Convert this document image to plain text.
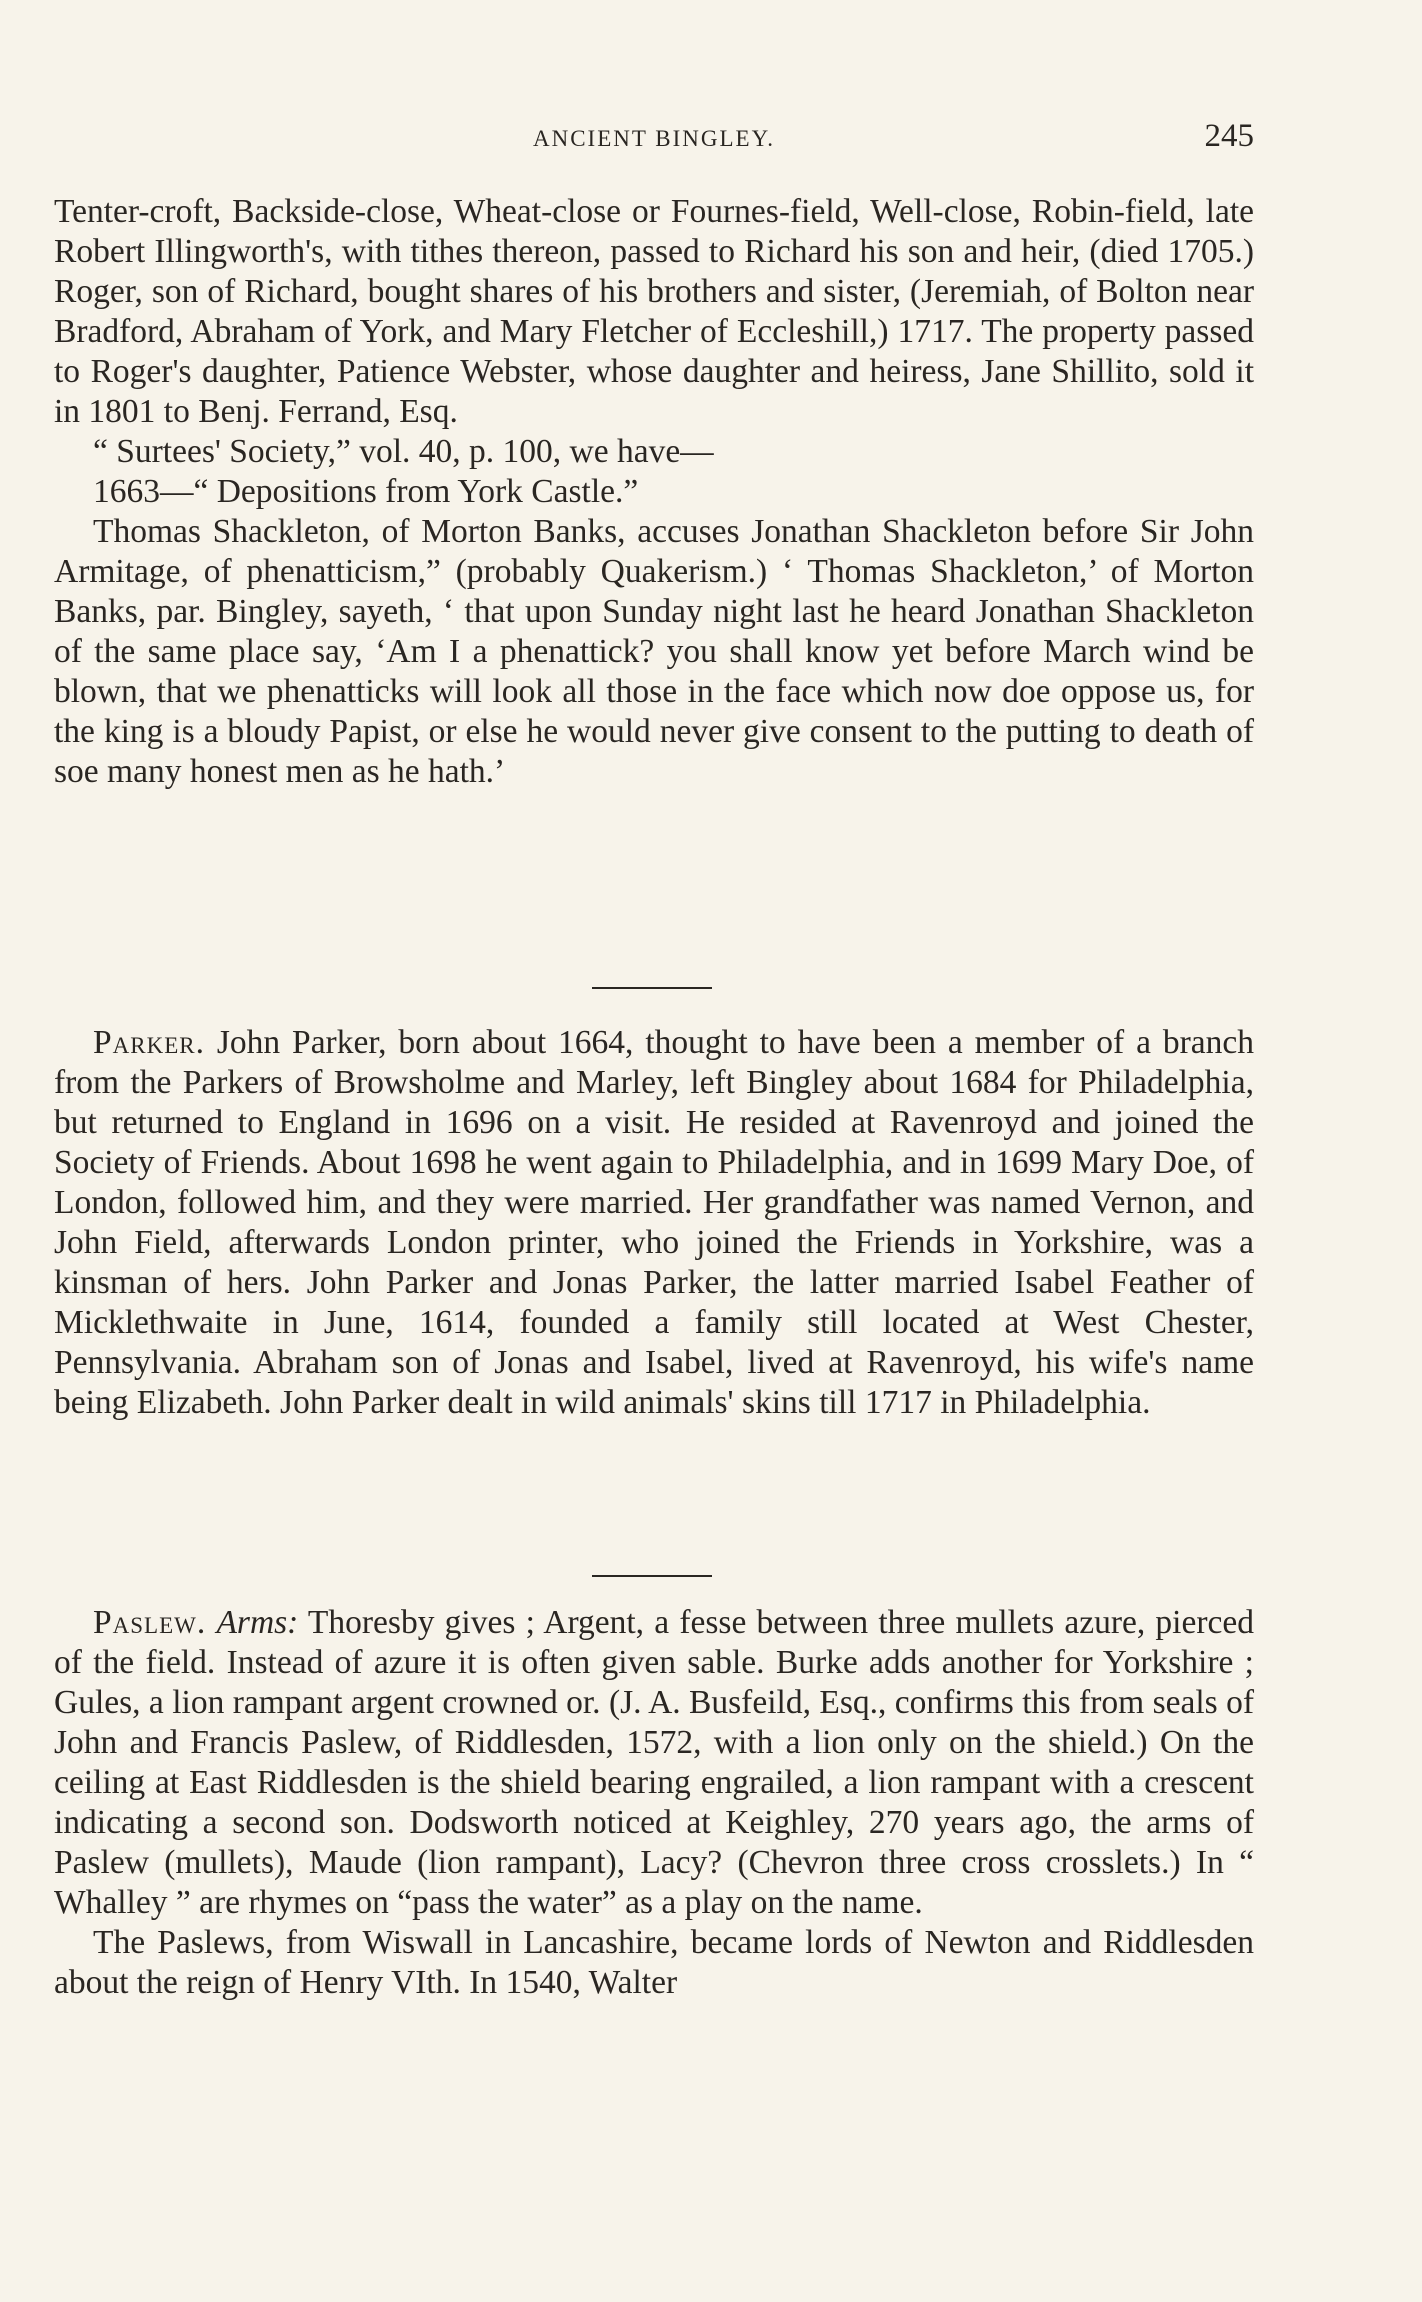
ANCIENT BINGLEY.	245

Tenter-croft, Backside-close, Wheat-close or Fournes-field, Well-close, Robin-field, late Robert Illingworth's, with tithes thereon, passed to Richard his son and heir, (died 1705.) Roger, son of Richard, bought shares of his brothers and sister, (Jeremiah, of Bolton near Bradford, Abraham of York, and Mary Fletcher of Eccleshill,) 1717. The property passed to Roger's daughter, Patience Webster, whose daughter and heiress, Jane Shillito, sold it in 1801 to Benj. Ferrand, Esq.

“ Surtees' Society,” vol. 40, p. 100, we have—

1663—“ Depositions from York Castle.”

Thomas Shackleton, of Morton Banks, accuses Jonathan Shackleton before Sir John Armitage, of phenatticism,” (probably Quakerism.) ‘ Thomas Shackleton,’ of Morton Banks, par. Bingley, sayeth, ‘ that upon Sunday night last he heard Jonathan Shackleton of the same place say, ‘Am I a phenattick? you shall know yet before March wind be blown, that we phenatticks will look all those in the face which now doe oppose us, for the king is a bloudy Papist, or else he would never give consent to the putting to death of soe many honest men as he hath.’

Parker. John Parker, born about 1664, thought to have been a member of a branch from the Parkers of Browsholme and Marley, left Bingley about 1684 for Philadelphia, but returned to England in 1696 on a visit. He resided at Ravenroyd and joined the Society of Friends. About 1698 he went again to Philadelphia, and in 1699 Mary Doe, of London, followed him, and they were married. Her grandfather was named Vernon, and John Field, afterwards London printer, who joined the Friends in Yorkshire, was a kinsman of hers. John Parker and Jonas Parker, the latter married Isabel Feather of Micklethwaite in June, 1614, founded a family still located at West Chester, Pennsylvania. Abraham son of Jonas and Isabel, lived at Ravenroyd, his wife's name being Elizabeth. John Parker dealt in wild animals' skins till 1717 in Philadelphia.

Paslew. Arms: Thoresby gives ; Argent, a fesse between three mullets azure, pierced of the field. Instead of azure it is often given sable. Burke adds another for Yorkshire ; Gules, a lion rampant argent crowned or. (J. A. Busfeild, Esq., confirms this from seals of John and Francis Paslew, of Riddlesden, 1572, with a lion only on the shield.) On the ceiling at East Riddlesden is the shield bearing engrailed, a lion rampant with a crescent indicating a second son. Dodsworth noticed at Keighley, 270 years ago, the arms of Paslew (mullets), Maude (lion rampant), Lacy? (Chevron three cross crosslets.) In “ Whalley ” are rhymes on “pass the water” as a play on the name.

The Paslews, from Wiswall in Lancashire, became lords of Newton and Riddlesden about the reign of Henry VIth. In 1540, Walter
